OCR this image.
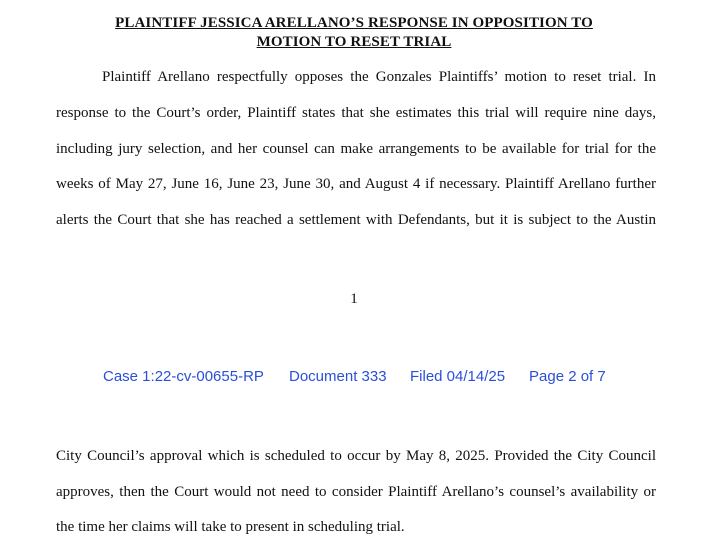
PLAINTIFF JESSICA ARELLANO’S RESPONSE IN OPPOSITION TO
MOTION TO RESET TRIAL
Plaintiff Arellano respectfully opposes the Gonzales Plaintiffs’ motion to reset trial. In
response to the Court’s order, Plaintiff states that she estimates this trial will require nine days,
including jury selection, and her counsel can make arrangements to be available for trial for the
weeks of May 27, June 16, June 23, June 30, and August 4 if necessary. Plaintiff Arellano further
alerts the Court that she has reached a settlement with Defendants, but it is subject to the Austin
1
Case 1:22-cv-00655-RP Document 333 Filed 04/14/25 Page 2 of 7
City Council’s approval which is scheduled to occur by May 8, 2025. Provided the City Council
approves, then the Court would not need to consider Plaintiff Arellano’s counsel’s availability or
the time her claims will take to present in scheduling trial.
